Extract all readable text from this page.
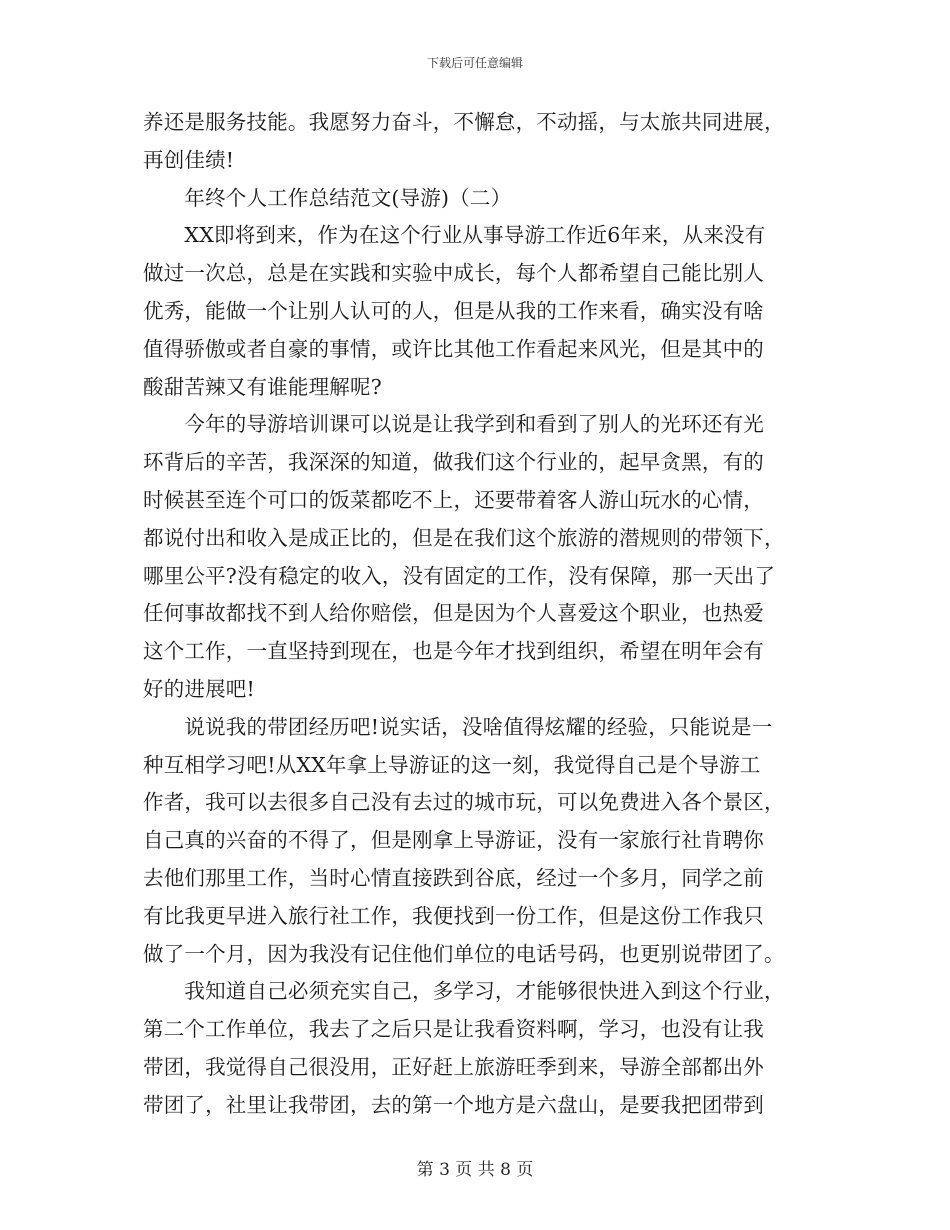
下载后可任意编辑
养还是服务技能。我愿努力奋斗，不懈怠，不动摇，与太旅共同进展，
再创佳绩!
　　年终个人工作总结范文(导游)（二）
　　XX即将到来，作为在这个行业从事导游工作近6年来，从来没有
做过一次总，总是在实践和实验中成长，每个人都希望自己能比别人
优秀，能做一个让别人认可的人，但是从我的工作来看，确实没有啥
值得骄傲或者自豪的事情，或许比其他工作看起来风光，但是其中的
酸甜苦辣又有谁能理解呢?
　　今年的导游培训课可以说是让我学到和看到了别人的光环还有光
环背后的辛苦，我深深的知道，做我们这个行业的，起早贪黑，有的
时候甚至连个可口的饭菜都吃不上，还要带着客人游山玩水的心情，
都说付出和收入是成正比的，但是在我们这个旅游的潜规则的带领下，
哪里公平?没有稳定的收入，没有固定的工作，没有保障，那一天出了
任何事故都找不到人给你赔偿，但是因为个人喜爱这个职业，也热爱
这个工作，一直坚持到现在，也是今年才找到组织，希望在明年会有
好的进展吧!
　　说说我的带团经历吧!说实话，没啥值得炫耀的经验，只能说是一
种互相学习吧!从XX年拿上导游证的这一刻，我觉得自己是个导游工
作者，我可以去很多自己没有去过的城市玩，可以免费进入各个景区，
自己真的兴奋的不得了，但是刚拿上导游证，没有一家旅行社肯聘你
去他们那里工作，当时心情直接跌到谷底，经过一个多月，同学之前
有比我更早进入旅行社工作，我便找到一份工作，但是这份工作我只
做了一个月，因为我没有记住他们单位的电话号码，也更别说带团了。
　　我知道自己必须充实自己，多学习，才能够很快进入到这个行业，
第二个工作单位，我去了之后只是让我看资料啊，学习，也没有让我
带团，我觉得自己很没用，正好赶上旅游旺季到来，导游全部都出外
带团了，社里让我带团，去的第一个地方是六盘山，是要我把团带到
第 3 页 共 8 页
